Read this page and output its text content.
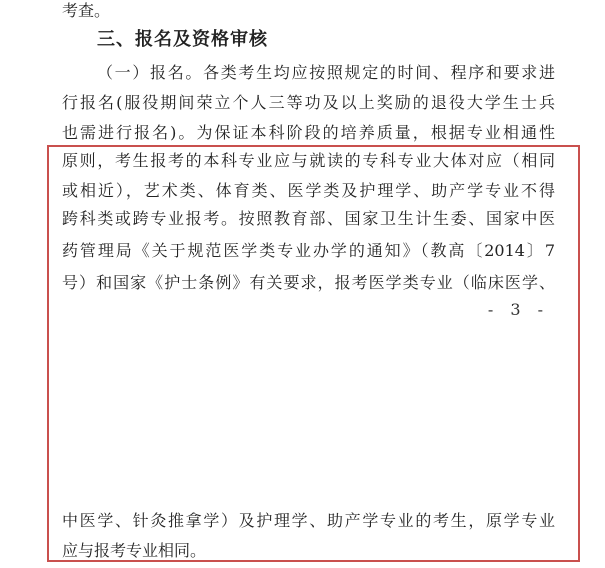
考查。
三、报名及资格审核
（一）报名。各类考生均应按照规定的时间、程序和要求进
行报名(服役期间荣立个人三等功及以上奖励的退役大学生士兵
也需进行报名)。为保证本科阶段的培养质量，根据专业相通性
原则，考生报考的本科专业应与就读的专科专业大体对应（相同
或相近），艺术类、体育类、医学类及护理学、助产学专业不得
跨科类或跨专业报考。按照教育部、国家卫生计生委、国家中医
药管理局《关于规范医学类专业办学的通知》（教高〔2014〕7
号）和国家《护士条例》有关要求，报考医学类专业（临床医学、
- 3 -
中医学、针灸推拿学）及护理学、助产学专业的考生，原学专业
应与报考专业相同。
